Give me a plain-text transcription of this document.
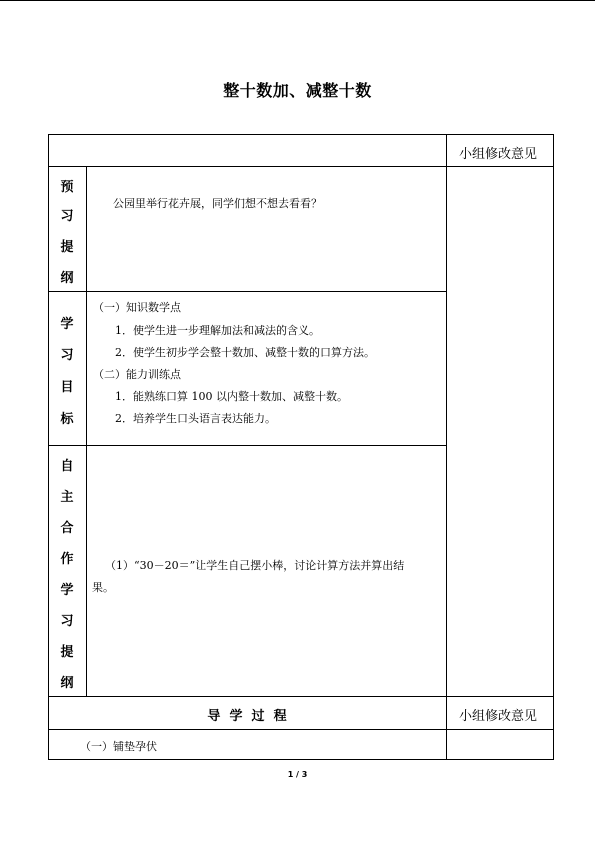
整十数加、减整十数
小组修改意见
预
习
提
纲
公园里举行花卉展，同学们想不想去看看？
学
习
目
标
（一）知识数学点
1．使学生进一步理解加法和减法的含义。
2．使学生初步学会整十数加、减整十数的口算方法。
（二）能力训练点
1．能熟练口算 100 以内整十数加、减整十数。
2．培养学生口头语言表达能力。
自
主
合
作
学
习
提
纲
（1）“30－20＝”让学生自己摆小棒，讨论计算方法并算出结
果。
导  学  过  程	小组修改意见
（一）铺垫孕伏
1 / 3
